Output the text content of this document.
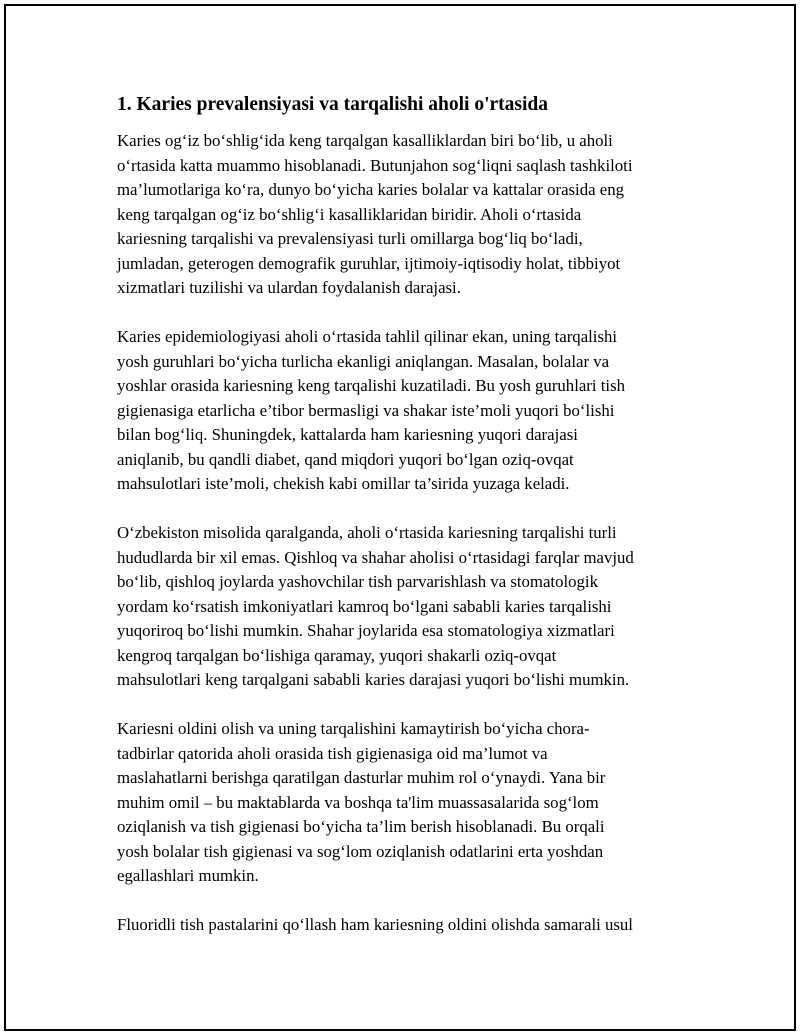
1. Karies prevalensiyasi va tarqalishi aholi o'rtasida

Karies og‘iz bo‘shlig‘ida keng tarqalgan kasalliklardan biri bo‘lib, u aholi
o‘rtasida katta muammo hisoblanadi. Butunjahon sog‘liqni saqlash tashkiloti
ma’lumotlariga ko‘ra, dunyo bo‘yicha karies bolalar va kattalar orasida eng
keng tarqalgan og‘iz bo‘shlig‘i kasalliklaridan biridir. Aholi o‘rtasida
kariesning tarqalishi va prevalensiyasi turli omillarga bog‘liq bo‘ladi,
jumladan, geterogen demografik guruhlar, ijtimoiy-iqtisodiy holat, tibbiyot
xizmatlari tuzilishi va ulardan foydalanish darajasi.

Karies epidemiologiyasi aholi o‘rtasida tahlil qilinar ekan, uning tarqalishi
yosh guruhlari bo‘yicha turlicha ekanligi aniqlangan. Masalan, bolalar va
yoshlar orasida kariesning keng tarqalishi kuzatiladi. Bu yosh guruhlari tish
gigienasiga etarlicha e’tibor bermasligi va shakar iste’moli yuqori bo‘lishi
bilan bog‘liq. Shuningdek, kattalarda ham kariesning yuqori darajasi
aniqlanib, bu qandli diabet, qand miqdori yuqori bo‘lgan oziq-ovqat
mahsulotlari iste’moli, chekish kabi omillar ta’sirida yuzaga keladi.

O‘zbekiston misolida qaralganda, aholi o‘rtasida kariesning tarqalishi turli
hududlarda bir xil emas. Qishloq va shahar aholisi o‘rtasidagi farqlar mavjud
bo‘lib, qishloq joylarda yashovchilar tish parvarishlash va stomatologik
yordam ko‘rsatish imkoniyatlari kamroq bo‘lgani sababli karies tarqalishi
yuqoriroq bo‘lishi mumkin. Shahar joylarida esa stomatologiya xizmatlari
kengroq tarqalgan bo‘lishiga qaramay, yuqori shakarli oziq-ovqat
mahsulotlari keng tarqalgani sababli karies darajasi yuqori bo‘lishi mumkin.

Kariesni oldini olish va uning tarqalishini kamaytirish bo‘yicha chora-
tadbirlar qatorida aholi orasida tish gigienasiga oid ma’lumot va
maslahatlarni berishga qaratilgan dasturlar muhim rol o‘ynaydi. Yana bir
muhim omil – bu maktablarda va boshqa ta'lim muassasalarida sog‘lom
oziqlanish va tish gigienasi bo‘yicha ta’lim berish hisoblanadi. Bu orqali
yosh bolalar tish gigienasi va sog‘lom oziqlanish odatlarini erta yoshdan
egallashlari mumkin.

Fluoridli tish pastalarini qo‘llash ham kariesning oldini olishda samarali usul
